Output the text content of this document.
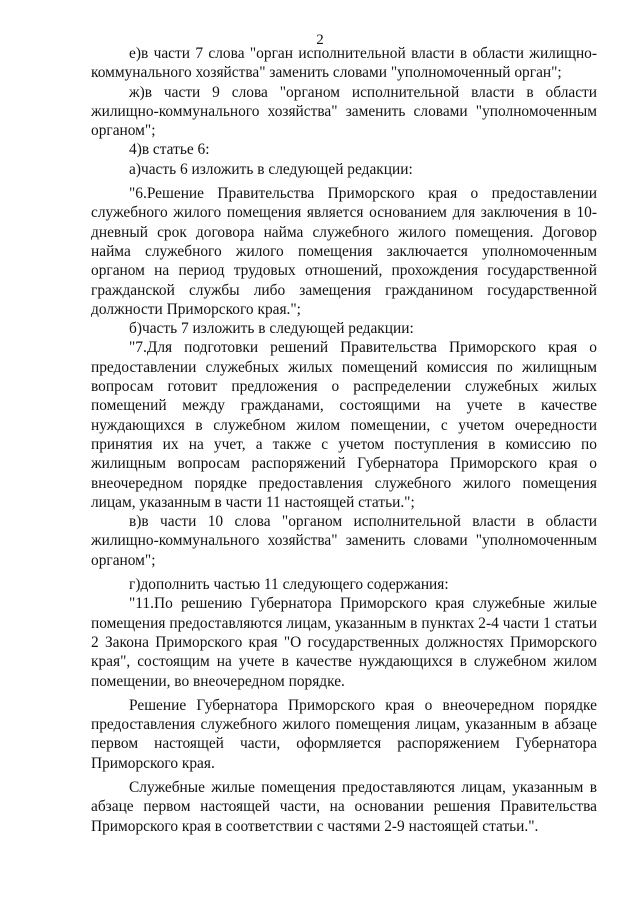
2

е)в части 7 слова "орган исполнительной власти в области жилищно-коммунального хозяйства" заменить словами "уполномоченный орган";

ж)в части 9 слова "органом исполнительной власти в области жилищно-коммунального хозяйства" заменить словами "уполномоченным органом";

4)в статье 6:

а)часть 6 изложить в следующей редакции:

"6.Решение Правительства Приморского края о предоставлении служебного жилого помещения является основанием для заключения в 10-дневный срок договора найма служебного жилого помещения. Договор найма служебного жилого помещения заключается уполномоченным органом на период трудовых отношений, прохождения государственной гражданской службы либо замещения гражданином государственной должности Приморского края.";

б)часть 7 изложить в следующей редакции:

"7.Для подготовки решений Правительства Приморского края о предоставлении служебных жилых помещений комиссия по жилищным вопросам готовит предложения о распределении служебных жилых помещений между гражданами, состоящими на учете в качестве нуждающихся в служебном жилом помещении, с учетом очередности принятия их на учет, а также с учетом поступления в комиссию по жилищным вопросам распоряжений Губернатора Приморского края о внеочередном порядке предоставления служебного жилого помещения лицам, указанным в части 11 настоящей статьи.";

в)в части 10 слова "органом исполнительной власти в области жилищно-коммунального хозяйства" заменить словами "уполномоченным органом";

г)дополнить частью 11 следующего содержания:

"11.По решению Губернатора Приморского края служебные жилые помещения предоставляются лицам, указанным в пунктах 2-4 части 1 статьи 2 Закона Приморского края "О государственных должностях Приморского края", состоящим на учете в качестве нуждающихся в служебном жилом помещении, во внеочередном порядке.

Решение Губернатора Приморского края о внеочередном порядке предоставления служебного жилого помещения лицам, указанным в абзаце первом настоящей части, оформляется распоряжением Губернатора Приморского края.

Служебные жилые помещения предоставляются лицам, указанным в абзаце первом настоящей части, на основании решения Правительства Приморского края в соответствии с частями 2-9 настоящей статьи.".
